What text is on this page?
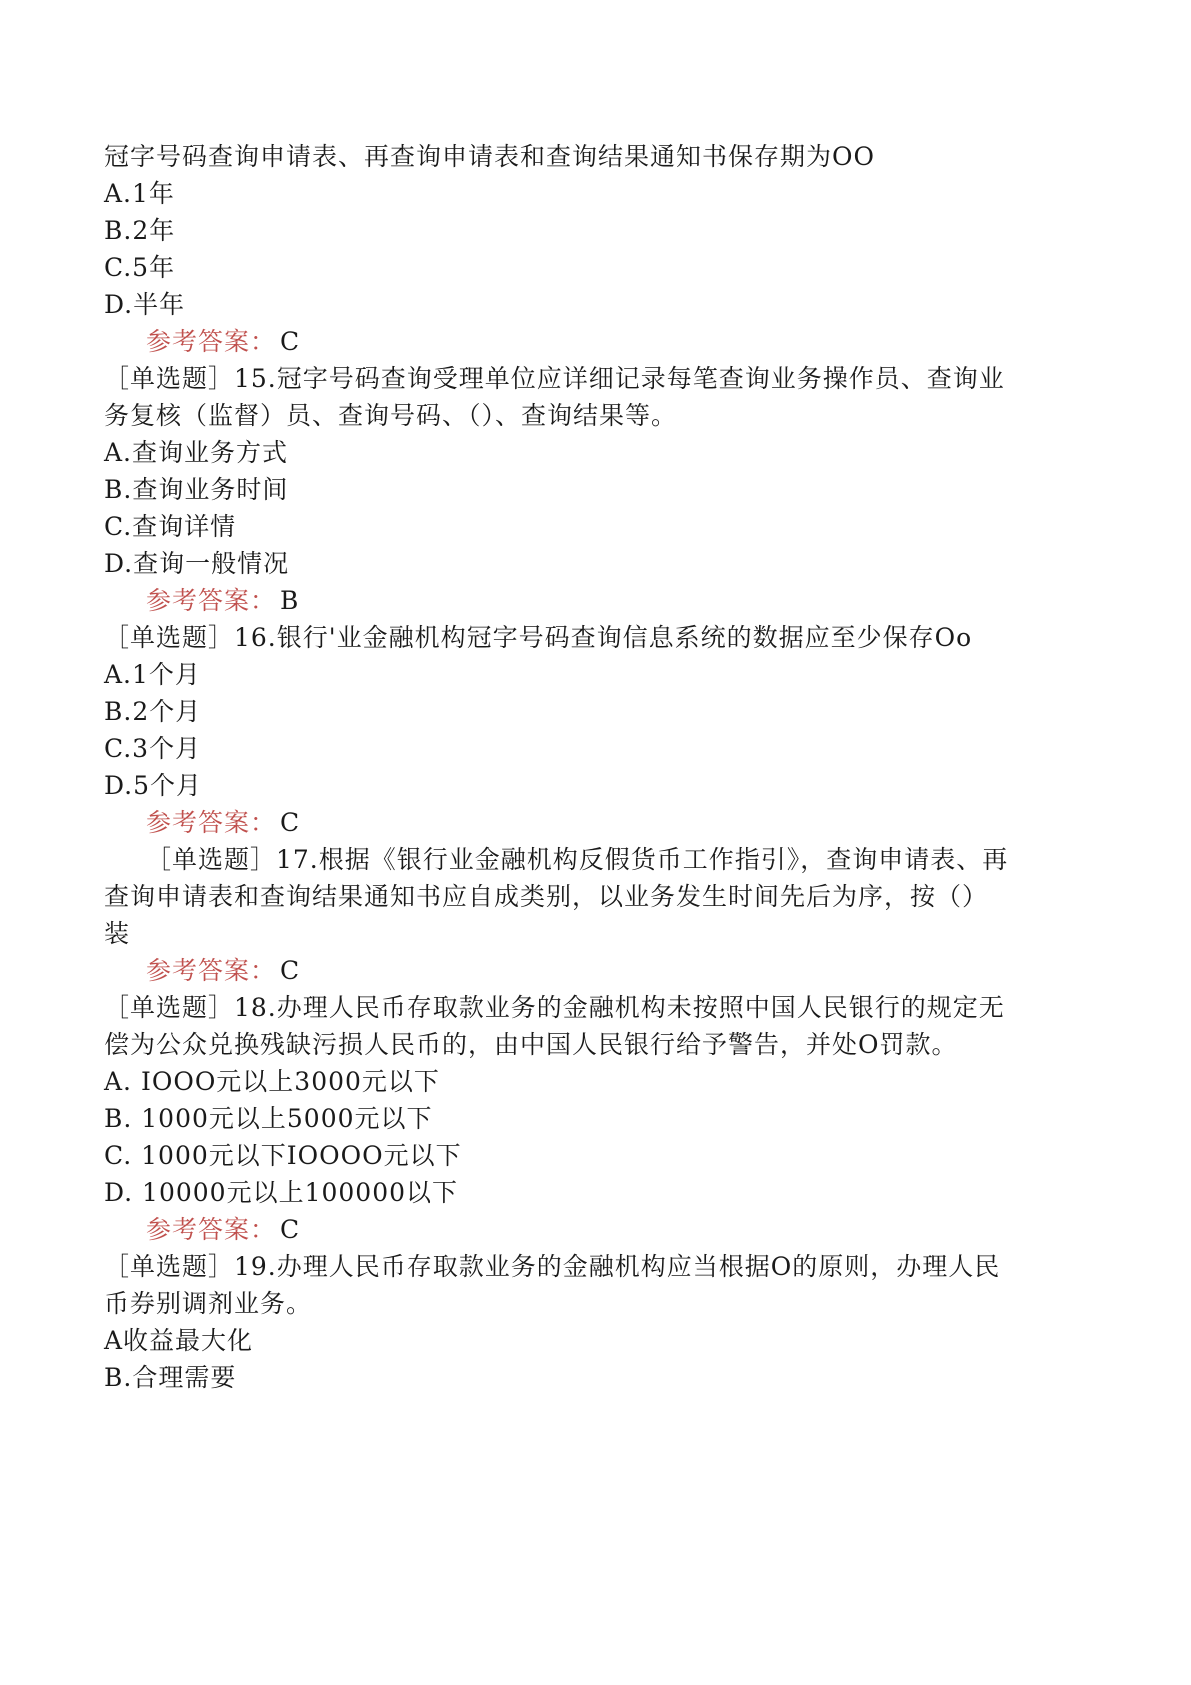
冠字号码查询申请表、再查询申请表和查询结果通知书保存期为OO

A.1年

B.2年

C.5年

D.半年

参考答案： C

［单选题］15.冠字号码查询受理单位应详细记录每笔查询业务操作员、查询业

务复核（监督）员、查询号码、（）、查询结果等。

A.查询业务方式

B.查询业务时间

C.查询详情

D.查询一般情况

参考答案： B

［单选题］16.银行'业金融机构冠字号码查询信息系统的数据应至少保存Oo

A.1个月

B.2个月

C.3个月

D.5个月

参考答案： C

［单选题］17.根据《银行业金融机构反假货币工作指引》，查询申请表、再

查询申请表和查询结果通知书应自成类别，以业务发生时间先后为序，按（）

装

参考答案： C

［单选题］18.办理人民币存取款业务的金融机构未按照中国人民银行的规定无

偿为公众兑换残缺污损人民币的，由中国人民银行给予警告，并处O罚款。

A. IOOO元以上3000元以下

B. 1000元以上5000元以下

C. 1000元以下IOOOO元以下

D. 10000元以上100000以下

参考答案： C

［单选题］19.办理人民币存取款业务的金融机构应当根据O的原则，办理人民

币券别调剂业务。

A收益最大化

B.合理需要
